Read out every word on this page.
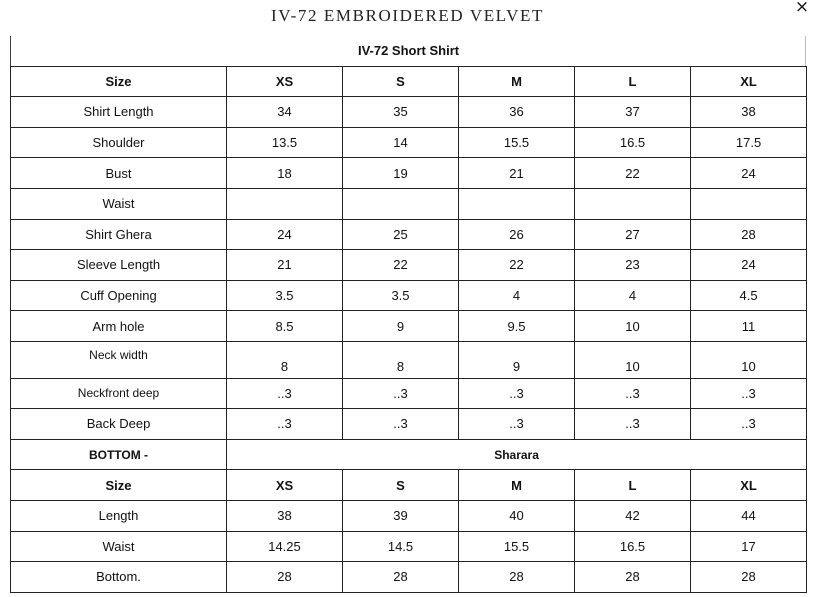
IV-72 EMBROIDERED VELVET	×
IV-72 Short Shirt					
Size	XS	S	M	L	XL
Shirt Length	34	35	36	37	38
Shoulder	13.5	14	15.5	16.5	17.5
Bust	18	19	21	22	24
Waist					
Shirt Ghera	24	25	26	27	28
Sleeve Length	21	22	22	23	24
Cuff Opening	3.5	3.5	4	4	4.5
Arm hole	8.5	9	9.5	10	11
Neck width	8	8	9	10	10
Neckfront deep	..3	..3	..3	..3	..3
Back Deep	..3	..3	..3	..3	..3
BOTTOM -	Sharara				
Size	XS	S	M	L	XL
Length	38	39	40	42	44
Waist	14.25	14.5	15.5	16.5	17
Bottom.	28	28	28	28	28
